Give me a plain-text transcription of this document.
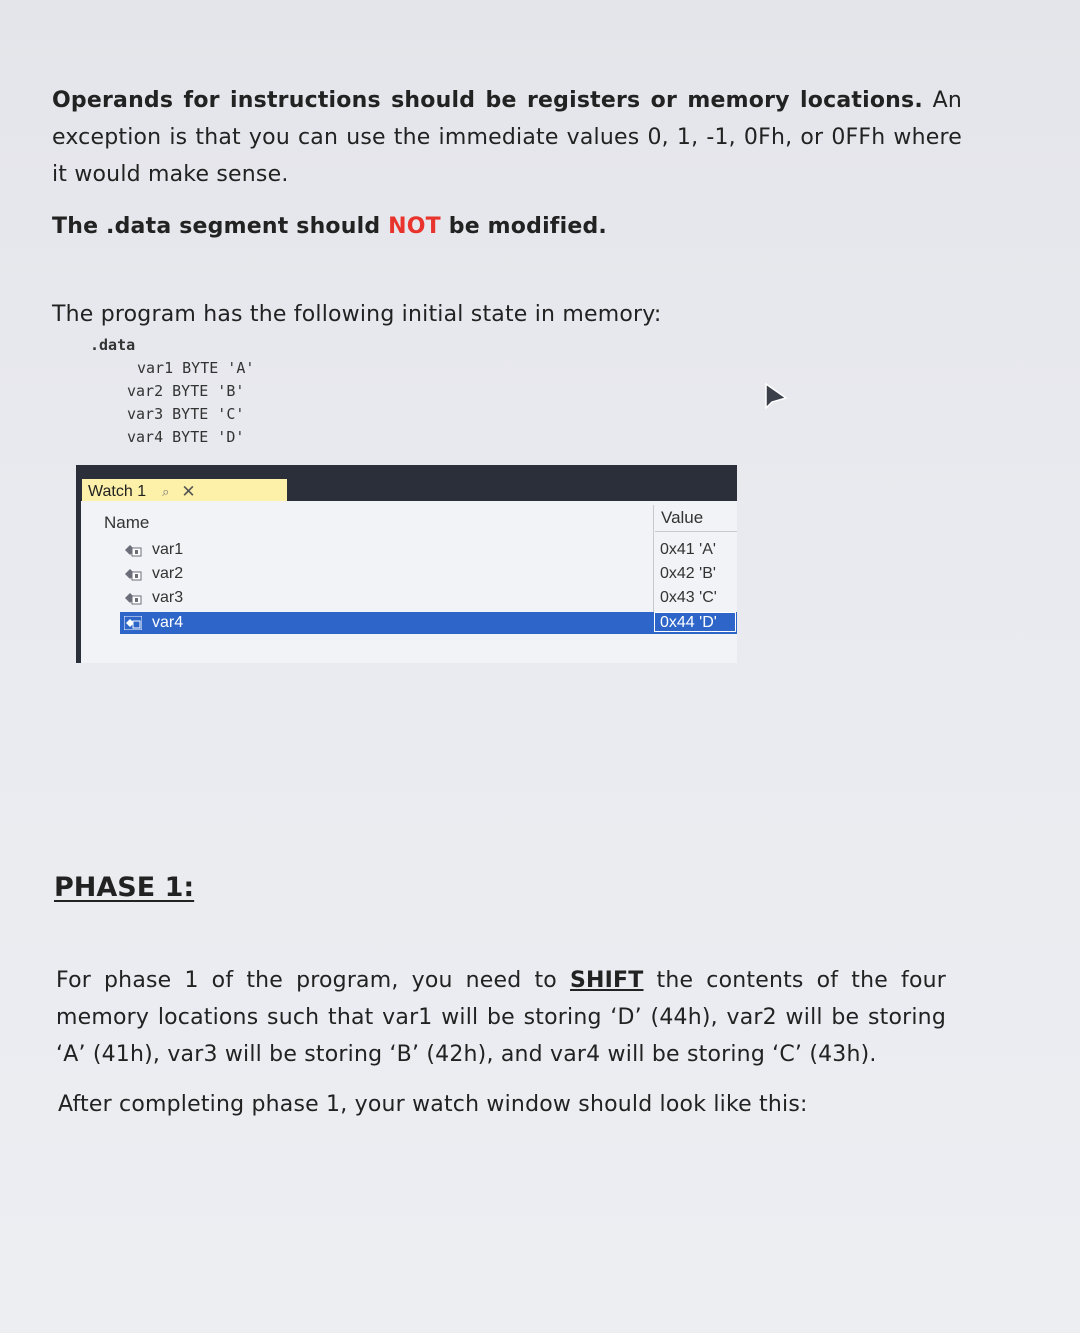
Operands for instructions should be registers or memory locations. An exception is that you can use the immediate values 0, 1, -1, 0Fh, or 0FFh where it would make sense.

The .data segment should NOT be modified.

The program has the following initial state in memory:

.data
var1 BYTE 'A'
var2 BYTE 'B'
var3 BYTE 'C'
var4 BYTE 'D'
Watch 1 ⌕ ✕
Name	Value
var1	0x41 'A'
var2	0x42 'B'
var3	0x43 'C'
var4	0x44 'D'
PHASE 1:

For phase 1 of the program, you need to SHIFT the contents of the four memory locations such that var1 will be storing ‘D’ (44h), var2 will be storing ‘A’ (41h), var3 will be storing ‘B’ (42h), and var4 will be storing ‘C’ (43h).

After completing phase 1, your watch window should look like this:
